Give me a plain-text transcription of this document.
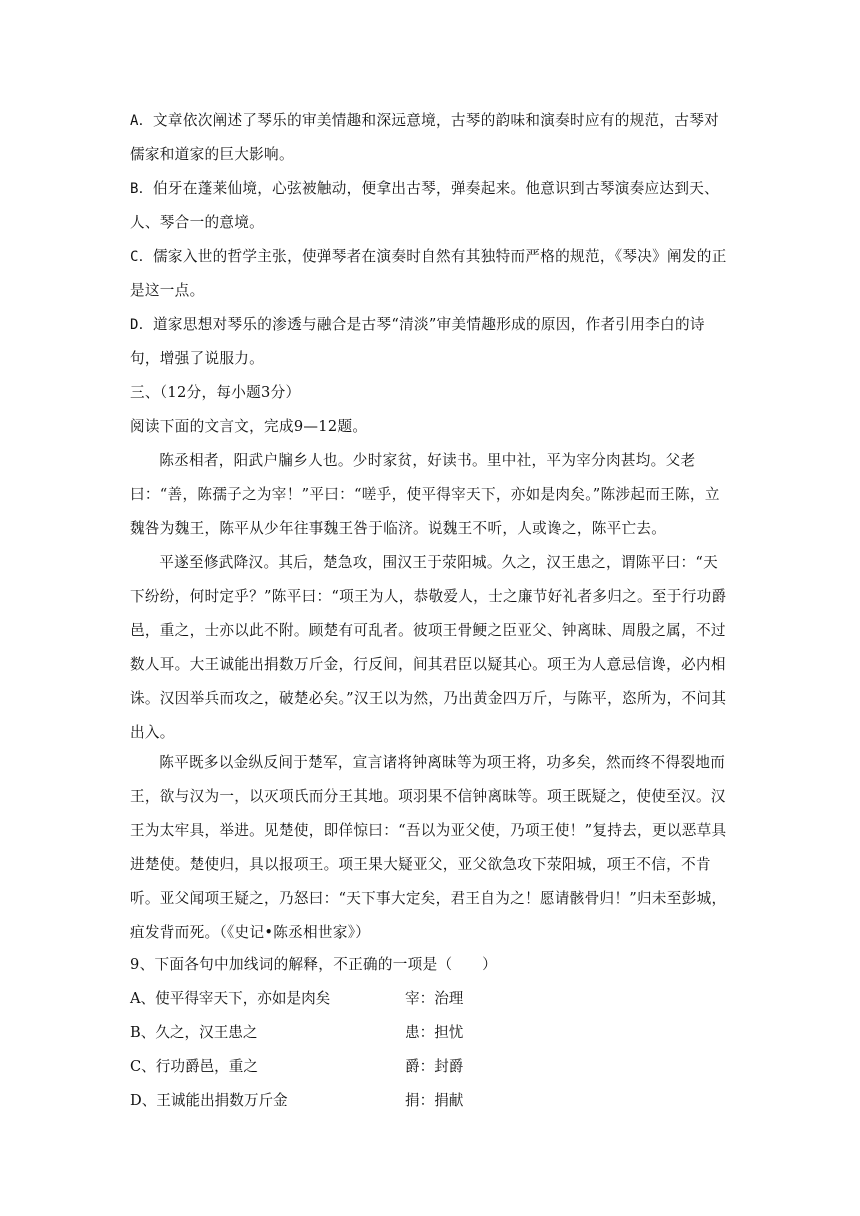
A．文章依次阐述了琴乐的审美情趣和深远意境，古琴的韵味和演奏时应有的规范，古琴对儒家和道家的巨大影响。

B．伯牙在蓬莱仙境，心弦被触动，便拿出古琴，弹奏起来。他意识到古琴演奏应达到天、人、琴合一的意境。

C．儒家入世的哲学主张，使弹琴者在演奏时自然有其独特而严格的规范，《琴决》阐发的正是这一点。

D．道家思想对琴乐的渗透与融合是古琴“清淡”审美情趣形成的原因，作者引用李白的诗句，增强了说服力。

三、（12分，每小题3分）

阅读下面的文言文，完成9—12题。

陈丞相者，阳武户牖乡人也。少时家贫，好读书。里中社，平为宰分肉甚均。父老曰：“善，陈孺子之为宰！”平曰：“嗟乎，使平得宰天下，亦如是肉矣。”陈涉起而王陈，立魏咎为魏王，陈平从少年往事魏王咎于临济。说魏王不听，人或谗之，陈平亡去。

平遂至修武降汉。其后，楚急攻，围汉王于荥阳城。久之，汉王患之，谓陈平曰：“天下纷纷，何时定乎？”陈平曰：“项王为人，恭敬爱人，士之廉节好礼者多归之。至于行功爵邑，重之，士亦以此不附。顾楚有可乱者。彼项王骨鲠之臣亚父、钟离昧、周殷之属，不过数人耳。大王诚能出捐数万斤金，行反间，间其君臣以疑其心。项王为人意忌信谗，必内相诛。汉因举兵而攻之，破楚必矣。”汉王以为然，乃出黄金四万斤，与陈平，恣所为，不问其出入。

陈平既多以金纵反间于楚军，宣言诸将钟离昧等为项王将，功多矣，然而终不得裂地而王，欲与汉为一，以灭项氏而分王其地。项羽果不信钟离昧等。项王既疑之，使使至汉。汉王为太牢具，举进。见楚使，即佯惊曰：“吾以为亚父使，乃项王使！”复持去，更以恶草具进楚使。楚使归，具以报项王。项王果大疑亚父，亚父欲急攻下荥阳城，项王不信，不肯听。亚父闻项王疑之，乃怒曰：“天下事大定矣，君王自为之！愿请骸骨归！”归未至彭城，疽发背而死。（《史记•陈丞相世家》）

9、下面各句中加线词的解释，不正确的一项是（　　）

A、使平得宰天下，亦如是肉矣	宰：治理
B、久之，汉王患之	患：担忧
C、行功爵邑，重之	爵：封爵
D、王诚能出捐数万斤金	捐：捐献
